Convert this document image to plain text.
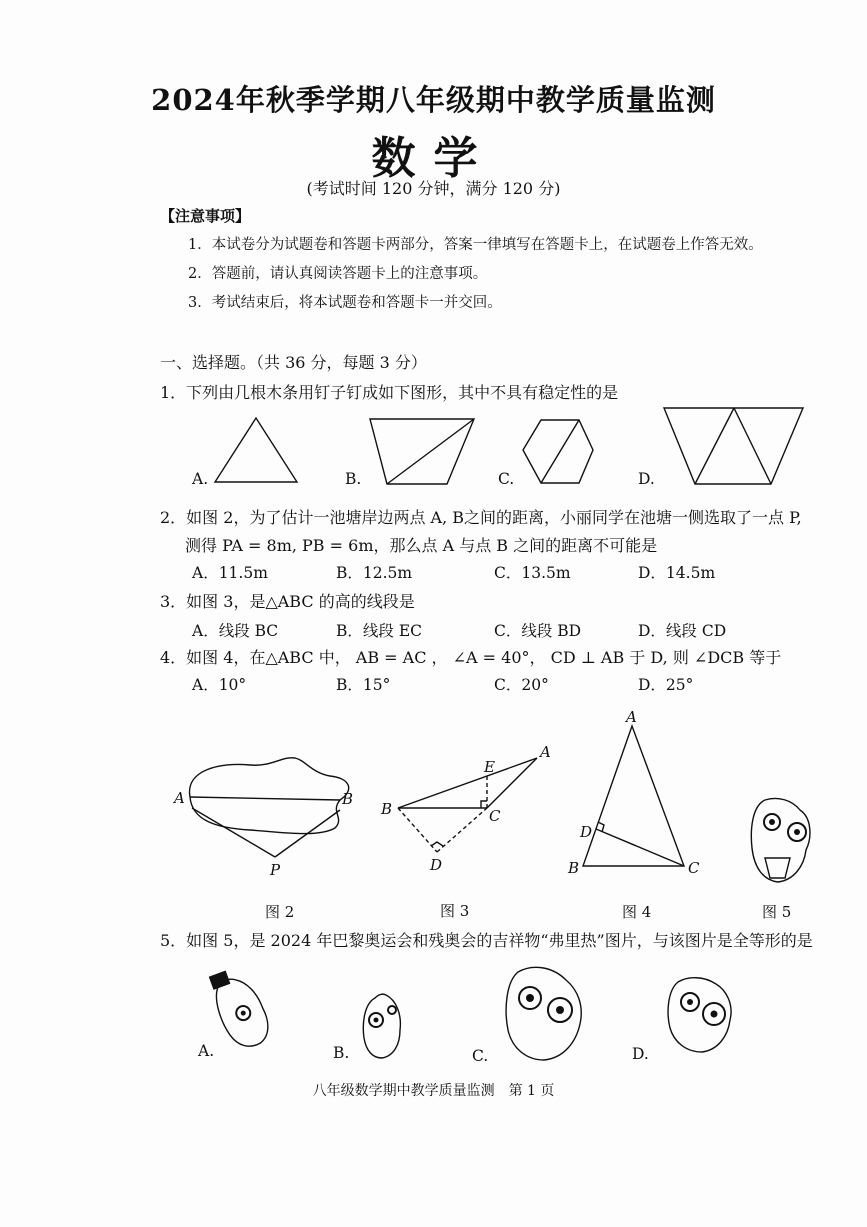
2024年秋季学期八年级期中教学质量监测
数学
(考试时间 120 分钟，满分 120 分)
【注意事项】
1．本试卷分为试题卷和答题卡两部分，答案一律填写在答题卡上，在试题卷上作答无效。
2．答题前，请认真阅读答题卡上的注意事项。
3．考试结束后，将本试题卷和答题卡一并交回。
一、选择题。（共 36 分，每题 3 分）
1．下列由几根木条用钉子钉成如下图形，其中不具有稳定性的是
A.	B.	C.	D.
2．如图 2，为了估计一池塘岸边两点 A, B之间的距离，小丽同学在池塘一侧选取了一点 P,
测得 PA = 8m, PB = 6m，那么点 A 与点 B 之间的距离不可能是
A．11.5m	B．12.5m	C．13.5m	D．14.5m
3．如图 3，是△ABC 的高的线段是
A．线段 BC	B．线段 EC	C．线段 BD	D．线段 CD
4．如图 4，在△ABC 中， AB = AC ， ∠A = 40°， CD ⊥ AB 于 D, 则 ∠DCB 等于
A．10°	B．15°	C．20°	D．25°
图 2	图 3	图 4	图 5
5．如图 5，是 2024 年巴黎奥运会和残奥会的吉祥物“弗里热”图片，与该图片是全等形的是
A.	B.	C.	D.
八年级数学期中教学质量监测　第 1 页
A	B
P
A
B	C
D
E
A
B	C
D
